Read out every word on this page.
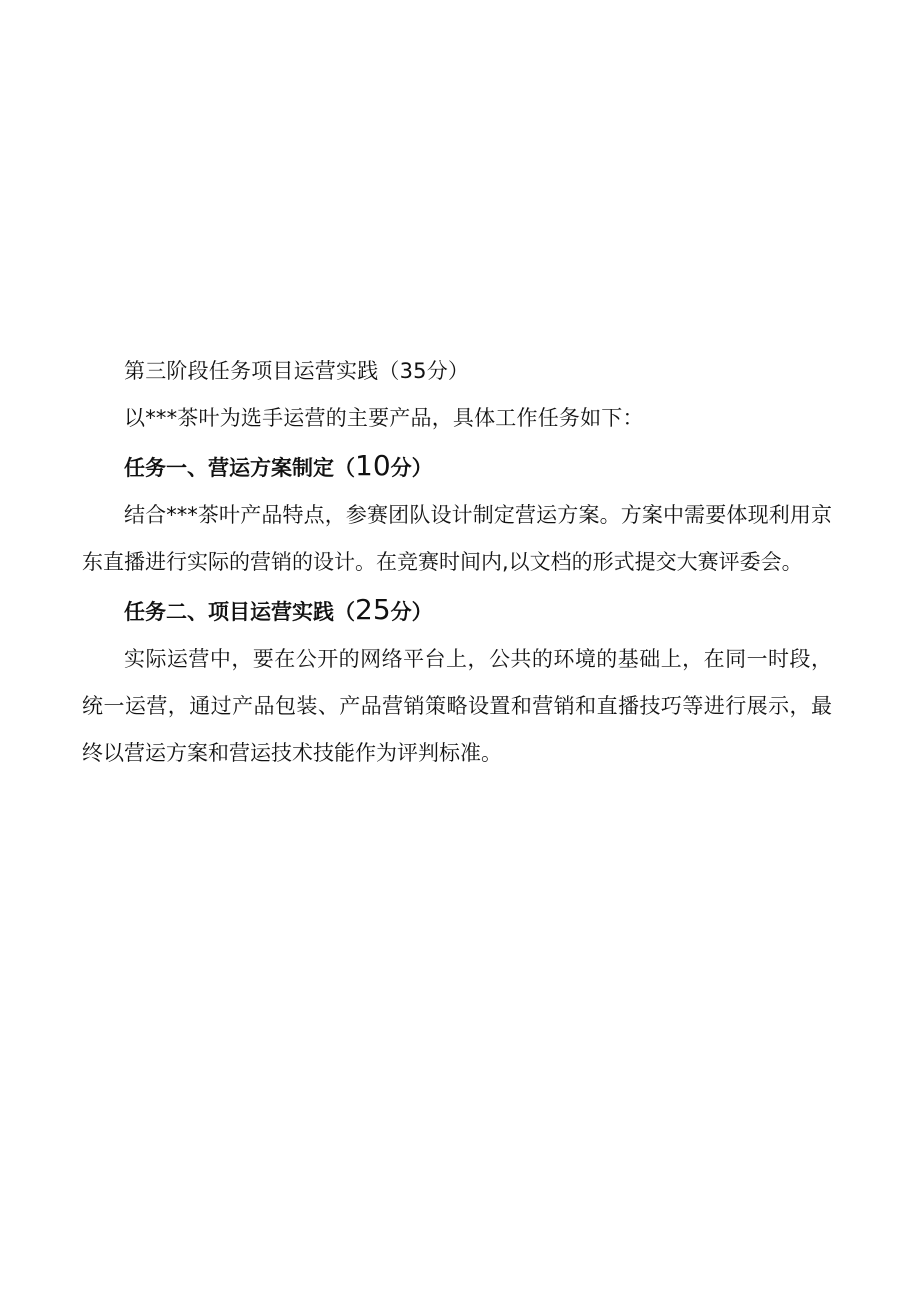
第三阶段任务项目运营实践（35分）

以***茶叶为选手运营的主要产品，具体工作任务如下：

任务一、营运方案制定（10分）

结合***茶叶产品特点，参赛团队设计制定营运方案。方案中需要体现利用京东直播进行实际的营销的设计。在竞赛时间内,以文档的形式提交大赛评委会。

任务二、项目运营实践（25分）

实际运营中，要在公开的网络平台上，公共的环境的基础上，在同一时段，统一运营，通过产品包装、产品营销策略设置和营销和直播技巧等进行展示，最终以营运方案和营运技术技能作为评判标准。
